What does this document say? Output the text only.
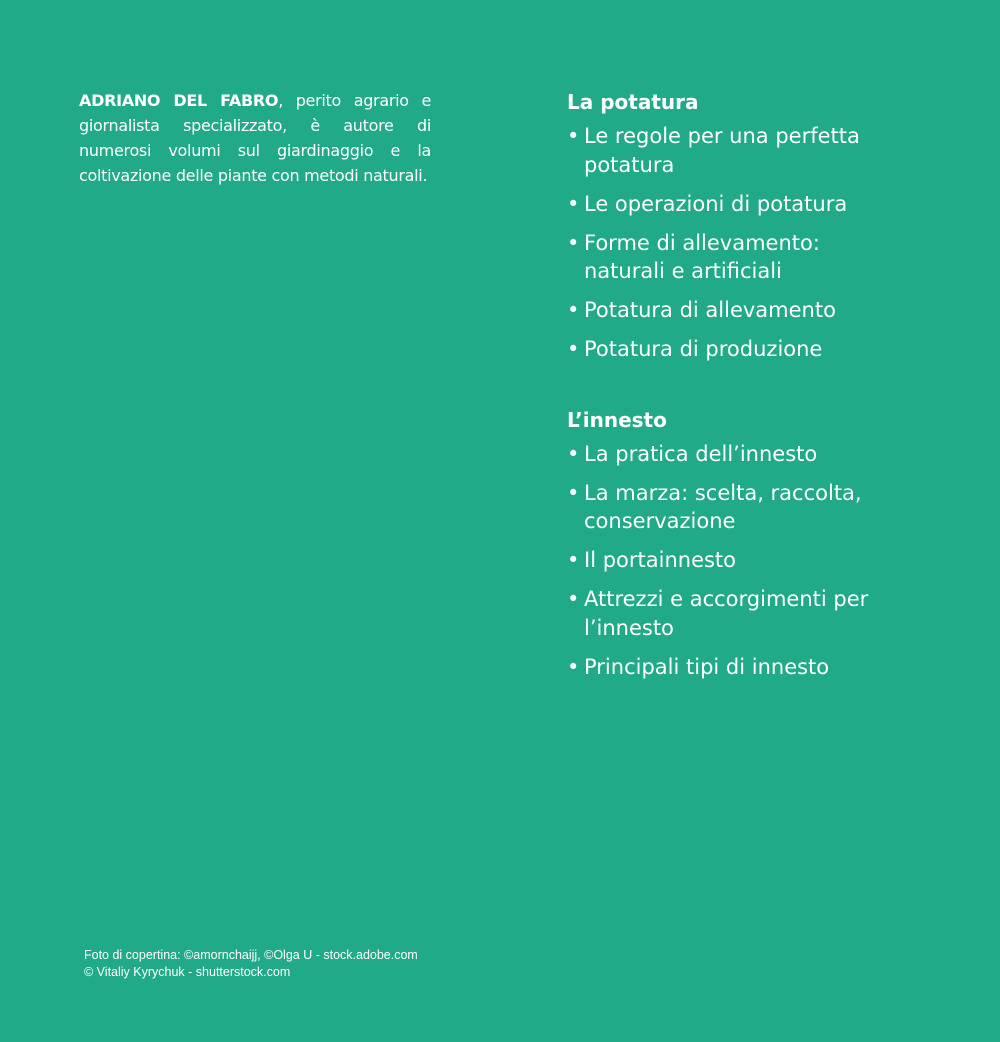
ADRIANO DEL FABRO, perito agrario e giornalista specializzato, è autore di numerosi volumi sul giardinaggio e la coltivazione delle piante con metodi naturali.
La potatura
• Le regole per una perfetta potatura
• Le operazioni di potatura
• Forme di allevamento: naturali e artificiali
• Potatura di allevamento
• Potatura di produzione
L’innesto
• La pratica dell’innesto
• La marza: scelta, raccolta, conservazione
• Il portainnesto
• Attrezzi e accorgimenti per l’innesto
• Principali tipi di innesto
Foto di copertina: ©amornchaijj, ©Olga U - stock.adobe.com
© Vitaliy Kyrychuk - shutterstock.com
